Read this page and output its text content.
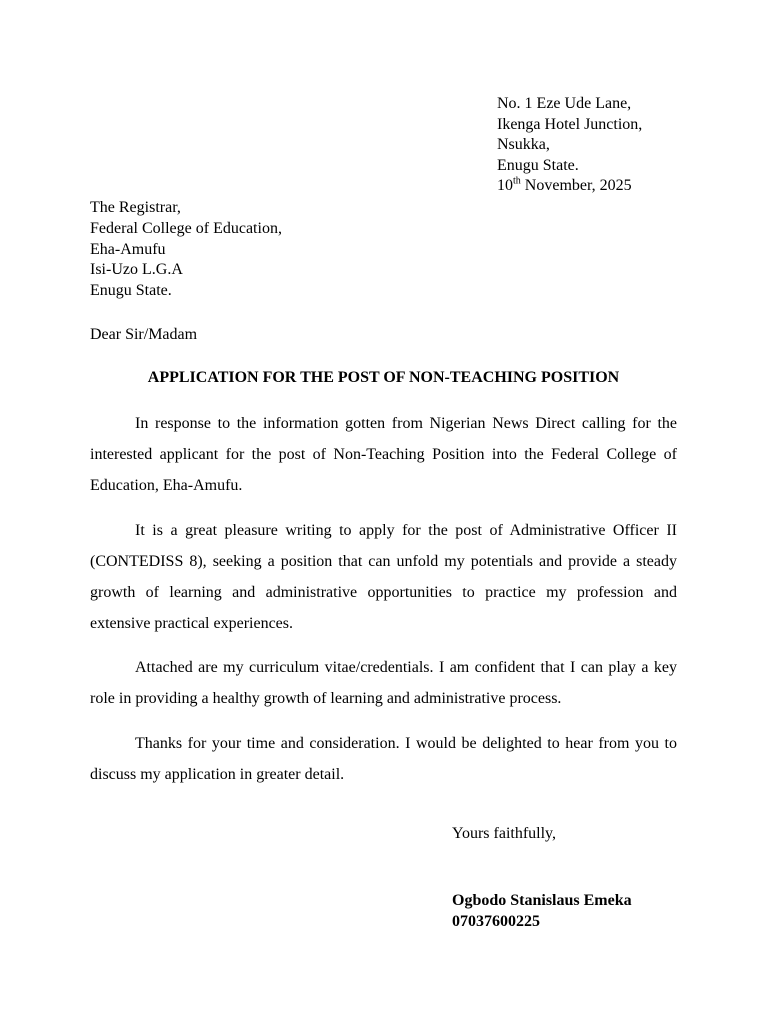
No. 1 Eze Ude Lane,
Ikenga Hotel Junction,
Nsukka,
Enugu State.
10th November, 2025
The Registrar,
Federal College of Education,
Eha-Amufu
Isi-Uzo L.G.A
Enugu State.
Dear Sir/Madam
APPLICATION FOR THE POST OF NON-TEACHING POSITION

In response to the information gotten from Nigerian News Direct calling for the interested applicant for the post of Non-Teaching Position into the Federal College of Education, Eha-Amufu.

It is a great pleasure writing to apply for the post of Administrative Officer II (CONTEDISS 8), seeking a position that can unfold my potentials and provide a steady growth of learning and administrative opportunities to practice my profession and extensive practical experiences.

Attached are my curriculum vitae/credentials. I am confident that I can play a key role in providing a healthy growth of learning and administrative process.

Thanks for your time and consideration. I would be delighted to hear from you to discuss my application in greater detail.

Yours faithfully,
Ogbodo Stanislaus Emeka
07037600225
